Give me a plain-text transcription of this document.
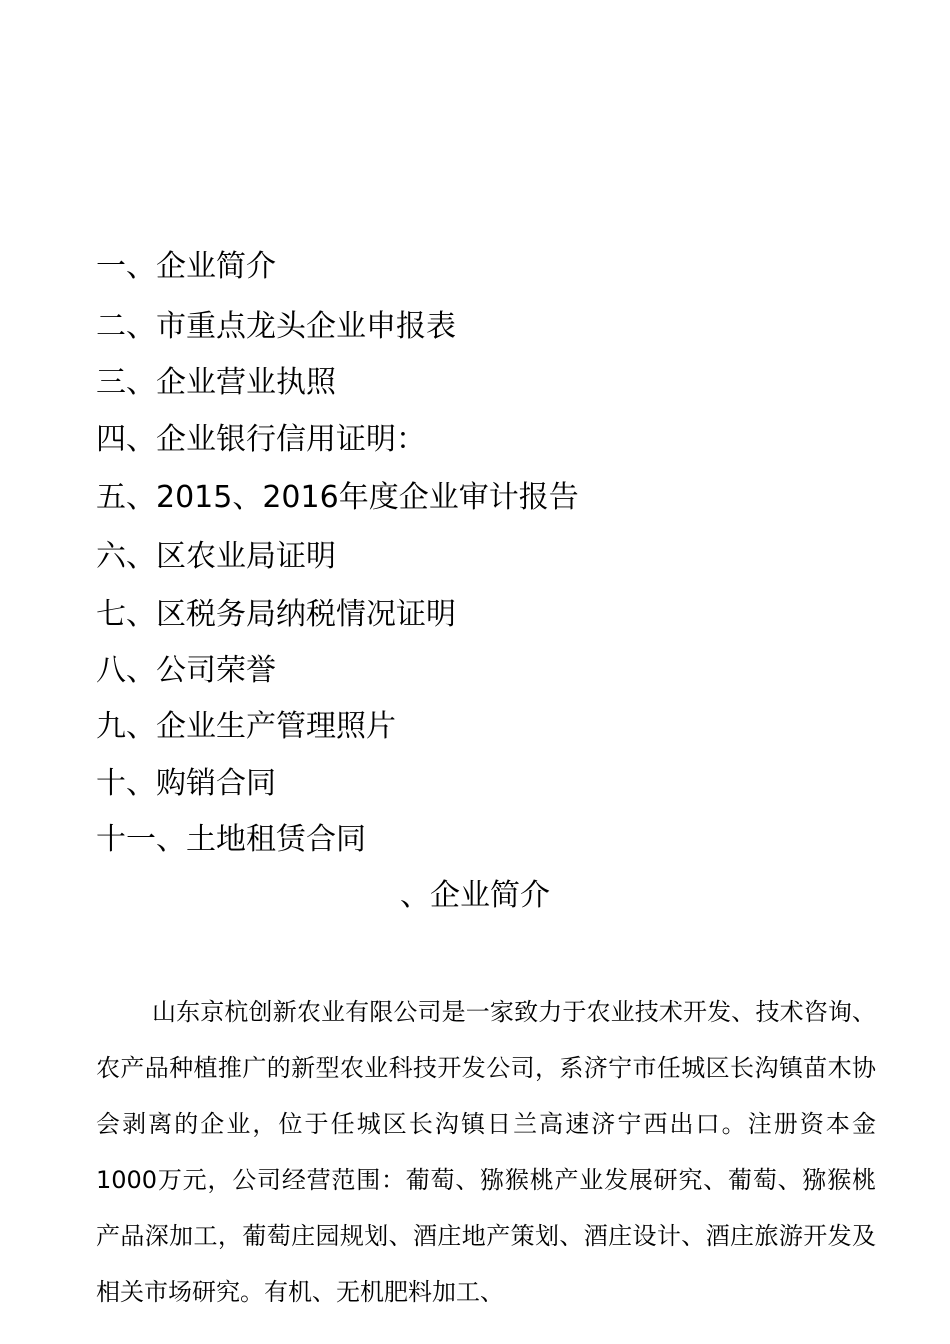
一、企业简介
二、市重点龙头企业申报表
三、企业营业执照
四、企业银行信用证明：
五、2015、2016年度企业审计报告
六、区农业局证明
七、区税务局纳税情况证明
八、公司荣誉
九、企业生产管理照片
十、购销合同
十一、土地租赁合同
、企业简介

山东京杭创新农业有限公司是一家致力于农业技术开发、技术咨询、农产品种植推广的新型农业科技开发公司，系济宁市任城区长沟镇苗木协会剥离的企业，位于任城区长沟镇日兰高速济宁西出口。注册资本金1000万元，公司经营范围：葡萄、猕猴桃产业发展研究、葡萄、猕猴桃产品深加工，葡萄庄园规划、酒庄地产策划、酒庄设计、酒庄旅游开发及相关市场研究。有机、无机肥料加工、
